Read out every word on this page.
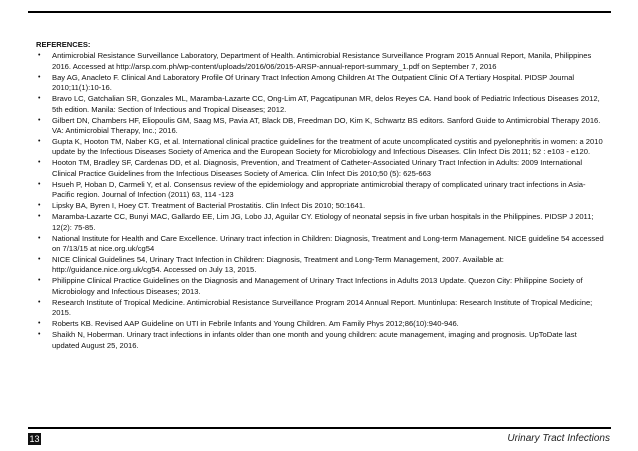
REFERENCES:
• Antimicrobial Resistance Surveillance Laboratory, Department of Health. Antimicrobial Resistance Surveillance Program 2015 Annual Report, Manila, Philippines 2016. Accessed at http://arsp.com.ph/wp-content/uploads/2016/06/2015-ARSP-annual-report-summary_1.pdf on September 7, 2016
• Bay AG, Anacleto F. Clinical And Laboratory Profile Of Urinary Tract Infection Among Children At The Outpatient Clinic Of A Tertiary Hospital. PIDSP Journal 2010;11(1):10-16.
• Bravo LC, Gatchalian SR, Gonzales ML, Maramba-Lazarte CC, Ong-Lim AT, Pagcatipunan MR, delos Reyes CA. Hand book of Pediatric Infectious Diseases 2012, 5th edition. Manila: Section of Infectious and Tropical Diseases; 2012.
• Gilbert DN, Chambers HF, Eliopoulis GM, Saag MS, Pavia AT, Black DB, Freedman DO, Kim K, Schwartz BS editors. Sanford Guide to Antimicrobial Therapy 2016. VA: Antimicrobial Therapy, Inc.; 2016.
• Gupta K, Hooton TM, Naber KG, et al. International clinical practice guidelines for the treatment of acute uncomplicated cystitis and pyelonephritis in women: a 2010 update by the Infectious Diseases Society of America and the European Society for Microbiology and Infectious Diseases. Clin Infect Dis 2011; 52 : e103 - e120.
• Hooton TM, Bradley SF, Cardenas DD, et al. Diagnosis, Prevention, and Treatment of Catheter-Associated Urinary Tract Infection in Adults: 2009 International Clinical Practice Guidelines from the Infectious Diseases Society of America. Clin Infect Dis 2010;50 (5): 625-663
• Hsueh P, Hoban D, Carmeli Y, et al. Consensus review of the epidemiology and appropriate antimicrobial therapy of complicated urinary tract infections in Asia-Pacific region. Journal of Infection (2011) 63, 114 -123
• Lipsky BA, Byren I, Hoey CT. Treatment of Bacterial Prostatitis. Clin Infect Dis 2010; 50:1641.
• Maramba-Lazarte CC, Bunyi MAC, Gallardo EE, Lim JG, Lobo JJ, Aguilar CY. Etiology of neonatal sepsis in five urban hospitals in the Philippines. PIDSP J 2011; 12(2): 75-85.
• National Institute for Health and Care Excellence. Urinary tract infection in Children: Diagnosis, Treatment and Long-term Management. NICE guideline 54 accessed on 7/13/15 at nice.org.uk/cg54
• NICE Clinical Guidelines 54, Urinary Tract Infection in Children: Diagnosis, Treatment and Long-Term Management, 2007. Available at: http://guidance.nice.org.uk/cg54. Accessed on July 13, 2015.
• Philippine Clinical Practice Guidelines on the Diagnosis and Management of Urinary Tract Infections in Adults 2013 Update. Quezon City: Philippine Society of Microbiology and Infectious Diseases; 2013.
• Research Institute of Tropical Medicine. Antimicrobial Resistance Surveillance Program 2014 Annual Report. Muntinlupa: Research Institute of Tropical Medicine; 2015.
• Roberts KB. Revised AAP Guideline on UTI in Febrile Infants and Young Children. Am Family Phys 2012;86(10):940-946.
• Shaikh N, Hoberman. Urinary tract infections in infants older than one month and young children: acute management, imaging and prognosis. UpToDate last updated August 25, 2016.
13	Urinary Tract Infections
